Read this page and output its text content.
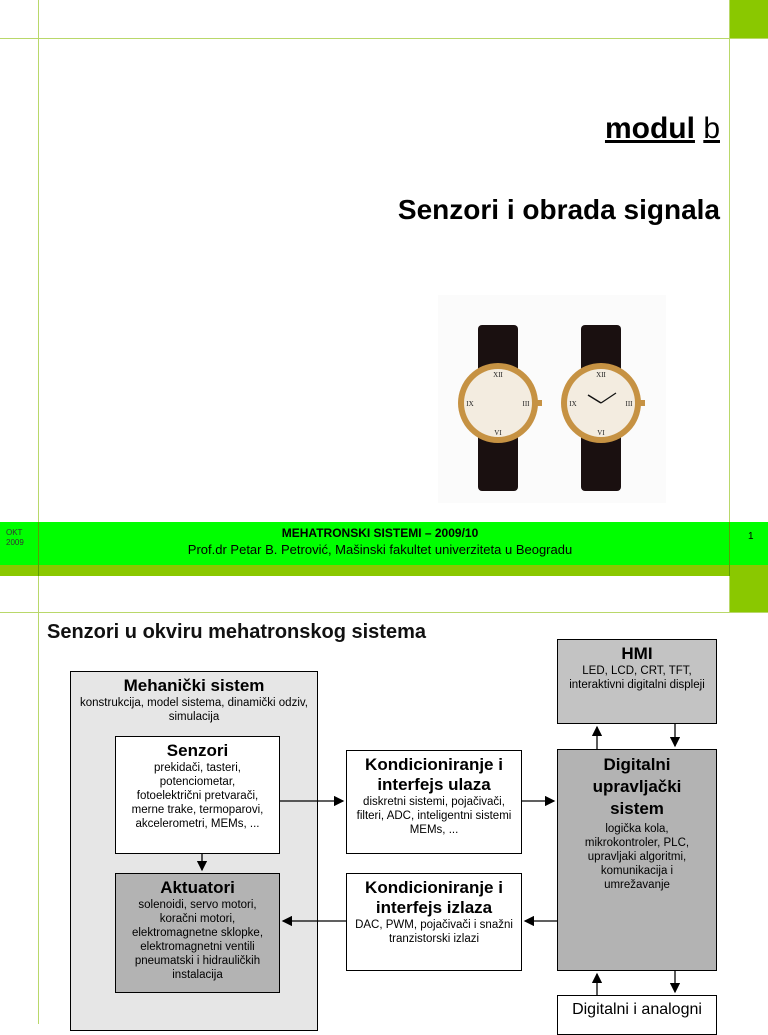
modul b
Senzori i obrada signala
XII
VI
IX	III
XII
VI
IX	III
OKT
2009
MEHATRONSKI SISTEMI – 2009/10
Prof.dr Petar B. Petrović, Mašinski fakultet univerziteta u Beogradu
1
Senzori u okviru mehatronskog sistema
Mehanički sistem
konstrukcija, model sistema, dinamički odziv, simulacija
Senzori
prekidači, tasteri, potenciometar, fotoelektrični pretvarači, merne trake, termoparovi, akcelerometri, MEMs, ...
Aktuatori
solenoidi, servo motori, koračni motori, elektromagnetne sklopke, elektromagnetni ventili pneumatski i hidrauličkih instalacija
Kondicioniranje i interfejs ulaza
diskretni sistemi, pojačivači, filteri, ADC, inteligentni sistemi MEMs, ...
Kondicioniranje i interfejs izlaza
DAC, PWM, pojačivači i snažni tranzistorski izlazi
HMI
LED, LCD, CRT, TFT, interaktivni digitalni displeji
Digitalni upravljački sistem
logička kola, mikrokontroler, PLC, upravljaki algoritmi, komunikacija i umrežavanje
Digitalni i analogni
